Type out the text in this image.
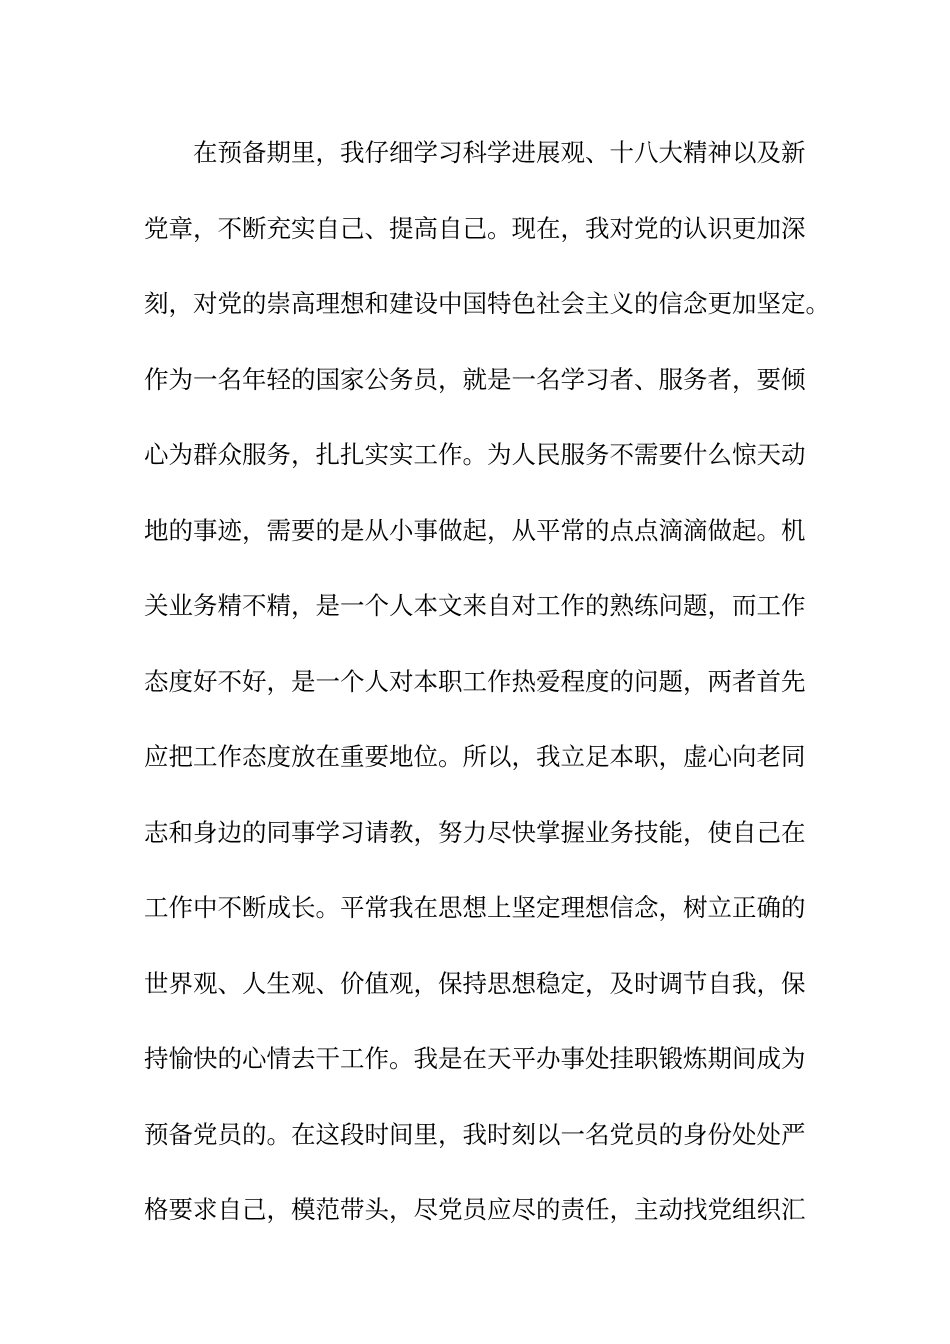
在预备期里，我仔细学习科学进展观、十八大精神以及新
党章，不断充实自己、提高自己。现在，我对党的认识更加深
刻，对党的崇高理想和建设中国特色社会主义的信念更加坚定。
作为一名年轻的国家公务员，就是一名学习者、服务者，要倾
心为群众服务，扎扎实实工作。为人民服务不需要什么惊天动
地的事迹，需要的是从小事做起，从平常的点点滴滴做起。机
关业务精不精，是一个人本文来自对工作的熟练问题，而工作
态度好不好，是一个人对本职工作热爱程度的问题，两者首先
应把工作态度放在重要地位。所以，我立足本职，虚心向老同
志和身边的同事学习请教，努力尽快掌握业务技能，使自己在
工作中不断成长。平常我在思想上坚定理想信念，树立正确的
世界观、人生观、价值观，保持思想稳定，及时调节自我，保
持愉快的心情去干工作。我是在天平办事处挂职锻炼期间成为
预备党员的。在这段时间里，我时刻以一名党员的身份处处严
格要求自己，模范带头，尽党员应尽的责任，主动找党组织汇
